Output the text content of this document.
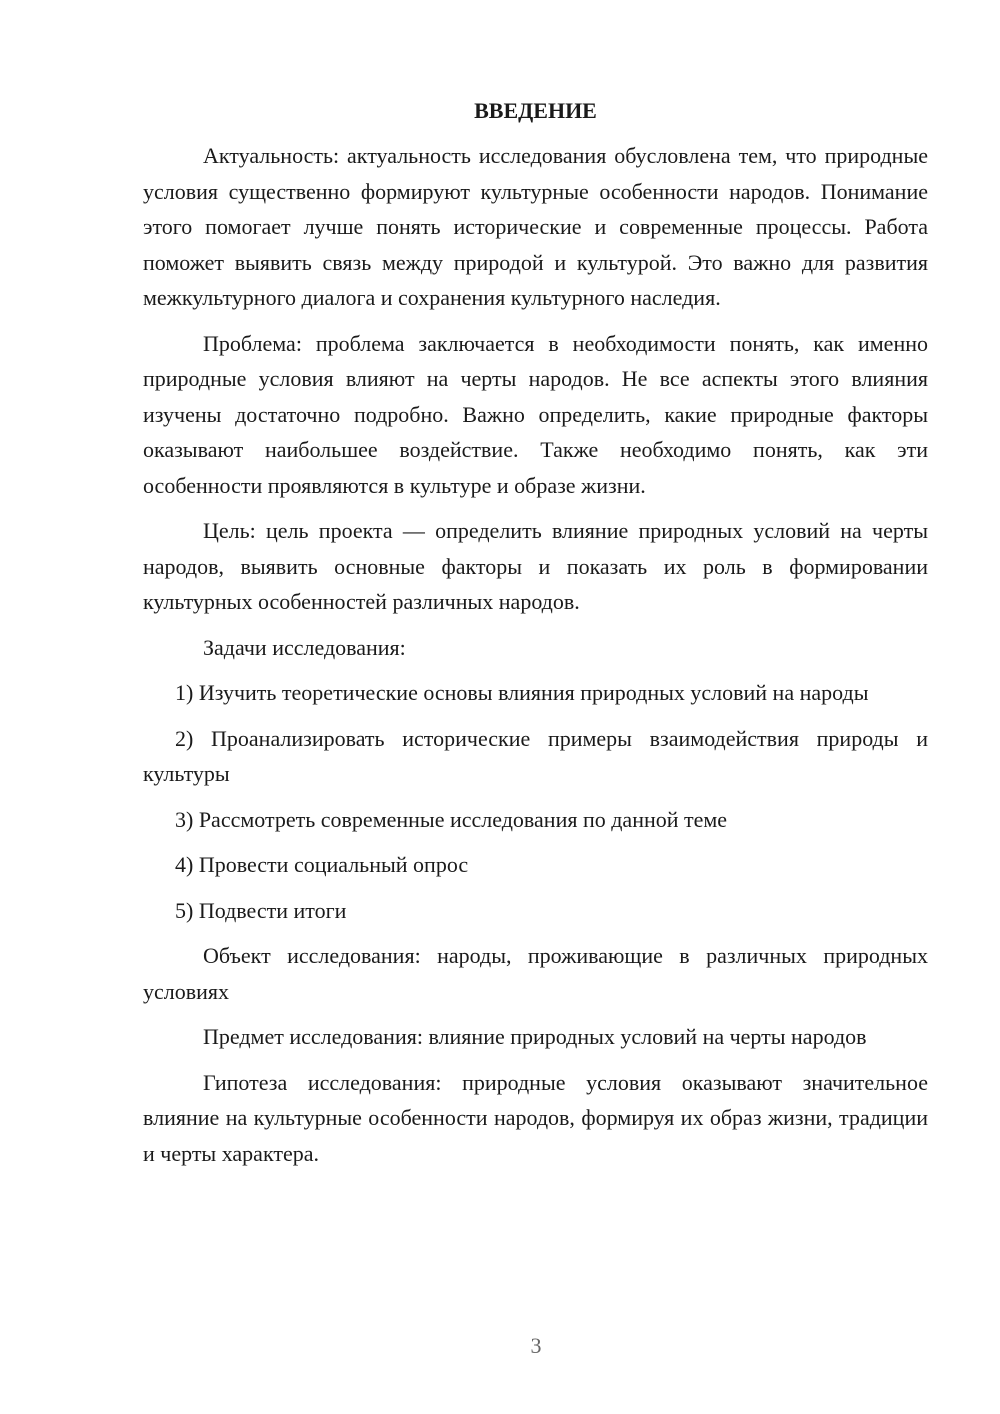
ВВЕДЕНИЕ

Актуальность: актуальность исследования обусловлена тем, что природные условия существенно формируют культурные особенности народов. Понимание этого помогает лучше понять исторические и современные процессы. Работа поможет выявить связь между природой и культурой. Это важно для развития межкультурного диалога и сохранения культурного наследия.

Проблема: проблема заключается в необходимости понять, как именно природные условия влияют на черты народов. Не все аспекты этого влияния изучены достаточно подробно. Важно определить, какие природные факторы оказывают наибольшее воздействие. Также необходимо понять, как эти особенности проявляются в культуре и образе жизни.

Цель: цель проекта — определить влияние природных условий на черты народов, выявить основные факторы и показать их роль в формировании культурных особенностей различных народов.

Задачи исследования:

1) Изучить теоретические основы влияния природных условий на народы

2) Проанализировать исторические примеры взаимодействия природы и культуры

3) Рассмотреть современные исследования по данной теме

4) Провести социальный опрос

5) Подвести итоги

Объект исследования: народы, проживающие в различных природных условиях

Предмет исследования: влияние природных условий на черты народов

Гипотеза исследования: природные условия оказывают значительное влияние на культурные особенности народов, формируя их образ жизни, традиции и черты характера.

3
